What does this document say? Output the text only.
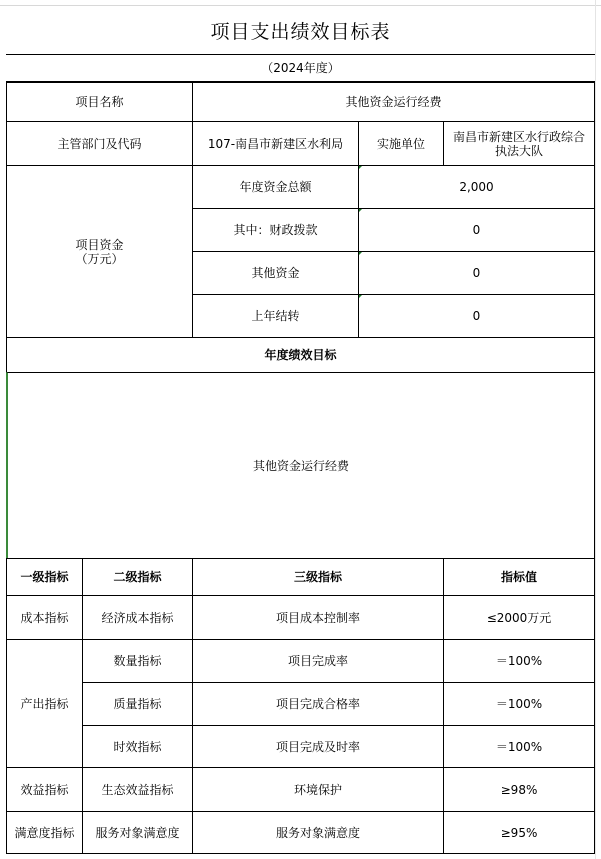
项目支出绩效目标表
（2024年度）
项目名称	其他资金运行经费
主管部门及代码	107-南昌市新建区水利局	实施单位	南昌市新建区水行政综合执法大队
项目资金
（万元）
年度资金总额	2,000
其中：财政拨款	0
其他资金	0
上年结转	0
年度绩效目标
其他资金运行经费
一级指标	二级指标	三级指标	指标值
成本指标	经济成本指标	项目成本控制率	≤2000万元
产出指标
数量指标	项目完成率	＝100%
质量指标	项目完成合格率	＝100%
时效指标	项目完成及时率	＝100%
效益指标	生态效益指标	环境保护	≥98%
满意度指标	服务对象满意度	服务对象满意度	≥95%
